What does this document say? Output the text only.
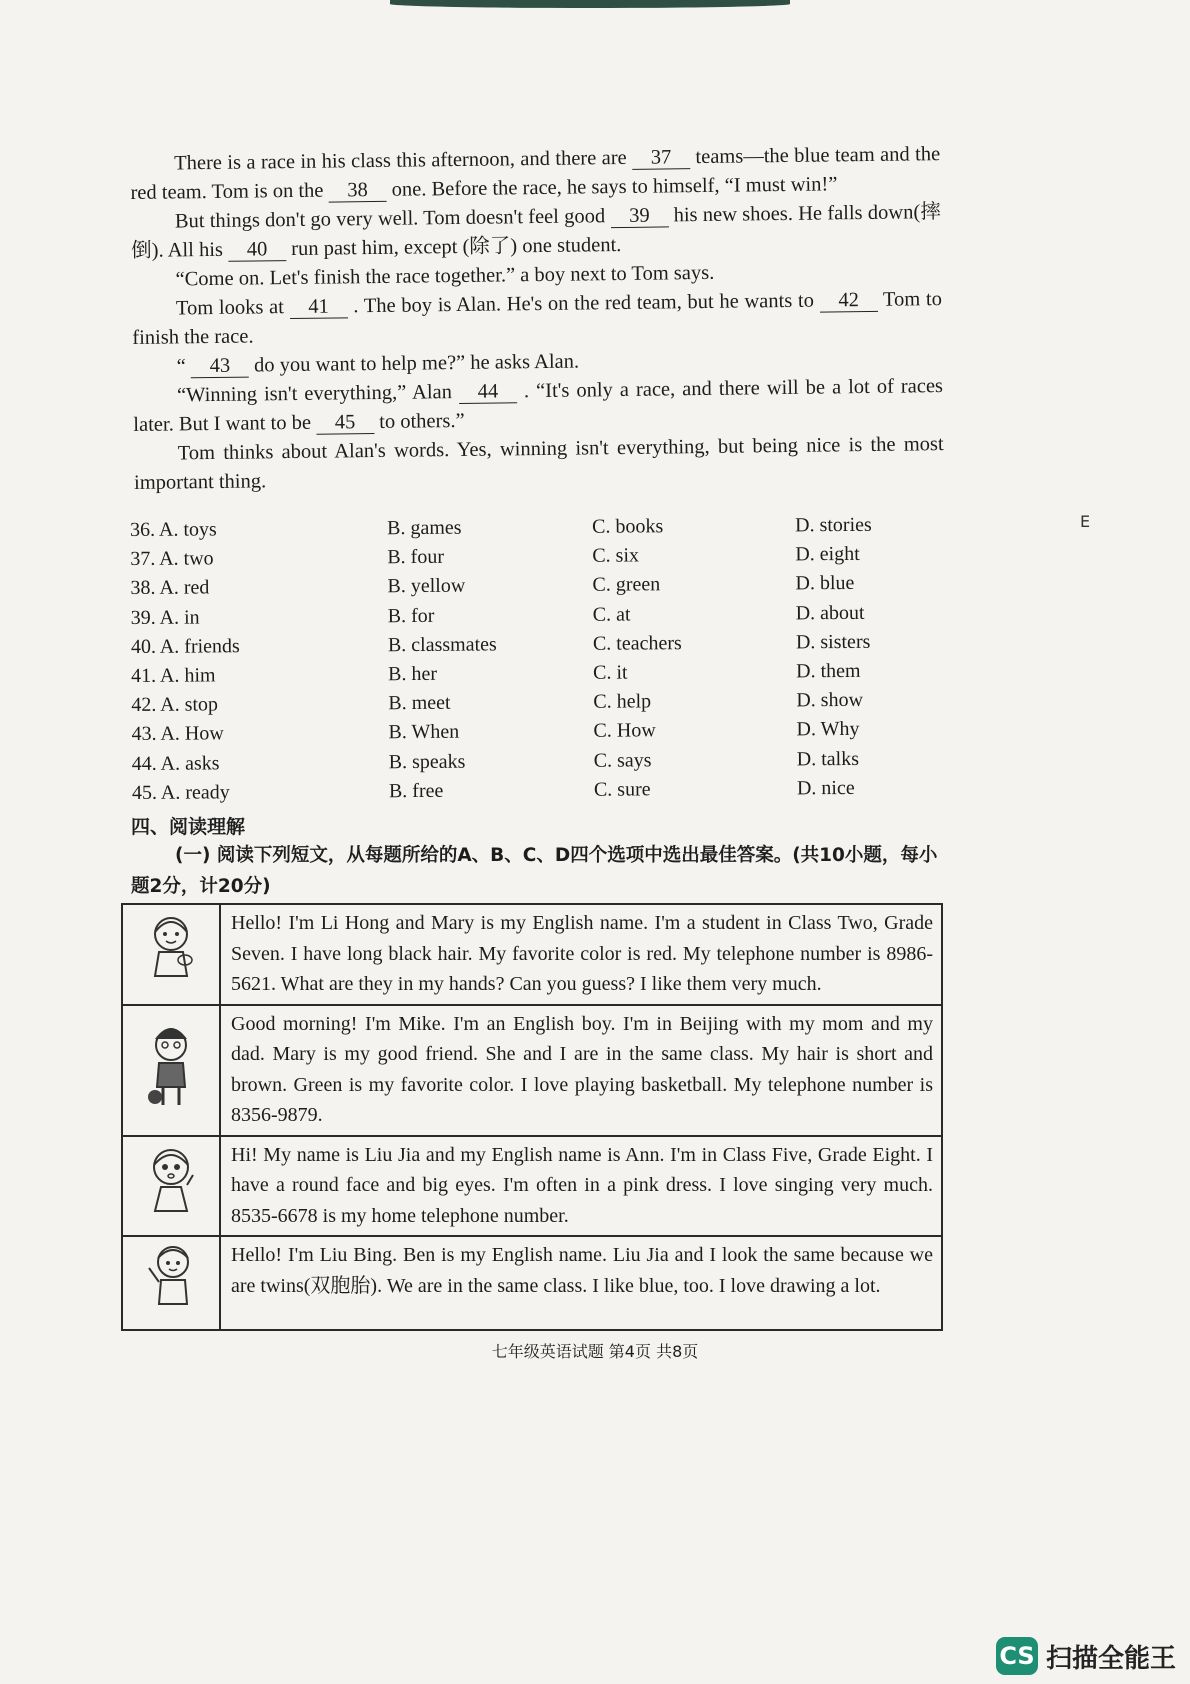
There is a race in his class this afternoon, and there are 37 teams—the blue team and the red team. Tom is on the 38 one. Before the race, he says to himself, “I must win!”

But things don't go very well. Tom doesn't feel good 39 his new shoes. He falls down(摔倒). All his 40 run past him, except (除了) one student.

“Come on. Let's finish the race together.” a boy next to Tom says.

Tom looks at 41 . The boy is Alan. He's on the red team, but he wants to 42 Tom to finish the race.

“ 43 do you want to help me?” he asks Alan.

“Winning isn't everything,” Alan 44 . “It's only a race, and there will be a lot of races later. But I want to be 45 to others.”

Tom thinks about Alan's words. Yes, winning isn't everything, but being nice is the most important thing.

36. A. toys	B. games	C. books	D. stories
37. A. two	B. four	C. six	D. eight
38. A. red	B. yellow	C. green	D. blue
39. A. in	B. for	C. at	D. about
40. A. friends	B. classmates	C. teachers	D. sisters
41. A. him	B. her	C. it	D. them
42. A. stop	B. meet	C. help	D. show
43. A. How	B. When	C. How	D. Why
44. A. asks	B. speaks	C. says	D. talks
45. A. ready	B. free	C. sure	D. nice
四、阅读理解
(一) 阅读下列短文，从每题所给的A、B、C、D四个选项中选出最佳答案。(共10小题，每小题2分，计20分)
	Hello! I'm Li Hong and Mary is my English name. I'm a student in Class Two, Grade Seven. I have long black hair. My favorite color is red. My telephone number is 8986-5621. What are they in my hands? Can you guess? I like them very much.
	Good morning! I'm Mike. I'm an English boy. I'm in Beijing with my mom and my dad. Mary is my good friend. She and I are in the same class. My hair is short and brown. Green is my favorite color. I love playing basketball. My telephone number is 8356-9879.
	Hi! My name is Liu Jia and my English name is Ann. I'm in Class Five, Grade Eight. I have a round face and big eyes. I'm often in a pink dress. I love singing very much. 8535-6678 is my home telephone number.
	Hello! I'm Liu Bing. Ben is my English name. Liu Jia and I look the same because we are twins(双胞胎). We are in the same class. I like blue, too. I love drawing a lot.
七年级英语试题 第4页 共8页
CS 扫描全能王
E
